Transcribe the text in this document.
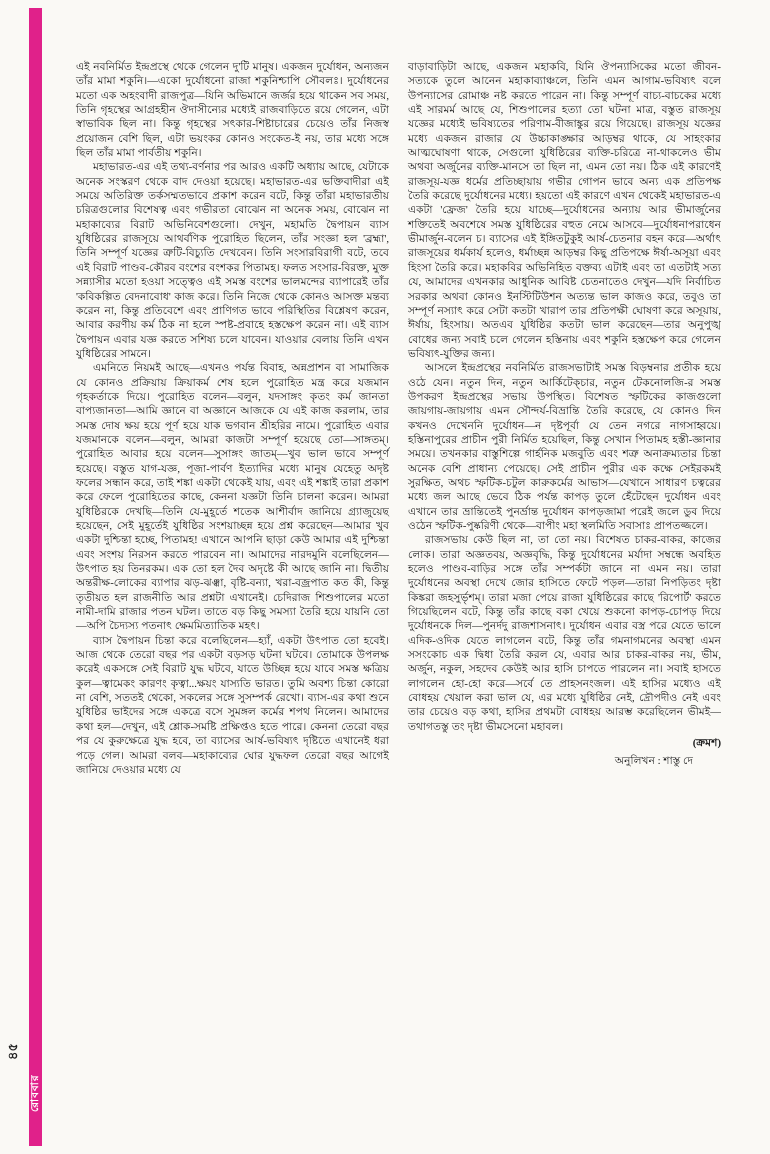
রোববার
৪৫

এই নবনির্মিত ইন্দ্রপ্রস্থে থেকে গেলেন দু'টি মানুষ। একজন দুর্যোধন, অন্যজন তাঁর মামা শকুনি।—একো দুর্যোধনো রাজা শকুনিশ্চাপি সৌবলঃ। দুর্যোধনের মতো এক অহংবাদী রাজপুত্র—যিনি অভিমানে জর্জর হয়ে থাকেন সব সময়, তিনি গৃহস্থের আগ্রহহীন ঔদাসীন্যের মধ্যেই রাজবাড়িতে রয়ে গেলেন, এটা স্বাভাবিক ছিল না। কিন্তু গৃহস্থের সৎকার-শিষ্টাচারের চেয়েও তাঁর নিজস্ব প্রয়োজন বেশি ছিল, এটা ভয়ংকর কোনও সংকেত-ই নয়, তার মধ্যে সঙ্গে ছিল তাঁর মামা পার্বতীয় শকুনি।

মহাভারত-এর এই তথ্য-বর্ণনার পর আরও একটি অধ্যায় আছে, যেটাকে অনেক সংস্করণ থেকে বাদ দেওয়া হয়েছে। মহাভারত-এর ভক্তিবাদীরা এই সময়ে অতিরিক্ত তর্কসম্মতভাবে প্রকাশ করেন বটে, কিন্তু তাঁরা মহাভারতীয় চরিত্রগুলোর বিশেষত্ব এবং গভীরতা বোঝেন না অনেক সময়, বোঝেন না মহাকাব্যের বিরাট অভিনিবেশগুলো। দেখুন, মহামতি দ্বৈপায়ন ব্যাস যুধিষ্ঠিরের রাজসূয়ে আথর্বণিক পুরোহিত ছিলেন, তাঁর সংজ্ঞা হল 'ব্রহ্মা', তিনি সম্পূর্ণ যজ্ঞের ত্রুটি-বিচ্যুতি দেখবেন। তিনি সংসারবিরাগী বটে, তবে এই বিরাট পাণ্ডব-কৌরব বংশের বংশকর পিতামহ। ফলত সংসার-বিরক্ত, মুক্ত সন্ন্যাসীর মতো হওয়া সত্ত্বেও এই সমস্ত বংশের ভালমন্দের ব্যাপারেই তাঁর 'কবিকল্পিত বেদনাবোধ' কাজ করে। তিনি নিজে থেকে কোনও আসক্ত মন্তব্য করেন না, কিন্তু প্রতিবেশে এবং প্রাণিগত ভাবে পরিস্থিতির বিশ্লেষণ করেন, আবার করণীয় কর্ম ঠিক না হলে স্পষ্ট-প্রবাহে হস্তক্ষেপ করেন না। এই ব্যাস দ্বৈপায়ন এবার যজ্ঞ করতে সশিষ্য চলে যাবেন। যাওয়ার বেলায় তিনি এখন যুধিষ্ঠিরের সামনে।

এমনিতে নিয়মই আছে—এখনও পর্যন্ত বিবাহ, অন্নপ্রাশন বা সামাজিক যে কোনও প্রক্রিয়ায় ক্রিয়াকর্ম শেষ হলে পুরোহিত মন্ত্র করে যজমান গৃহকর্তাকে দিয়ে। পুরোহিত বলেন—বলুন, যদসাঙ্গং কৃতং কর্ম জানতা বাপ্যজানতা—আমি জ্ঞানে বা অজ্ঞানে আজকে যে এই কাজ করলাম, তার সমস্ত দোষ ক্ষয় হয়ে পূর্ণ হয়ে যাক ভগবান শ্রীহরির নামে। পুরোহিত এবার যজমানকে বলেন—বলুন, আমরা কাজটা সম্পূর্ণ হয়েছে তো—সাঙ্গতম্‌। পুরোহিত আবার হয়ে বলেন—সুসাঙ্গং জাতম্‌—খুব ভাল ভাবে সম্পূর্ণ হয়েছে। বস্তুত যাগ-যজ্ঞ, পূজা-পার্বণ ইত্যাদির মধ্যে মানুষ যেহেতু অদৃষ্ট ফলের সন্ধান করে, তাই শঙ্কা একটা থেকেই যায়, এবং এই শঙ্কাই তারা প্রকাশ করে ফেলে পুরোহিতের কাছে, কেননা যজ্ঞটা তিনি চালনা করেন। আমরা যুধিষ্ঠিরকে দেখছি—তিনি যে-মুহূর্তে শতেক আশীর্বাদ জানিয়ে গ্র্যাজুয়েছ হয়েছেন, সেই মুহূর্তেই যুধিষ্ঠির সংশয়াচ্ছন্ন হয়ে প্রশ্ন করেছেন—আমার খুব একটা দুশ্চিন্তা হচ্ছে, পিতামহ! এখানে আপনি ছাড়া কেউ আমার এই দুশ্চিন্তা এবং সংশয় নিরসন করতে পারবেন না। আমাদের নারদমুনি বলেছিলেন—উৎপাত হয় তিনরকম। এক তো হল দৈব অদৃষ্টে কী আছে জানি না। দ্বিতীয় অন্তরীক্ষ-লোকের ব্যাপার ঝড়-ঝঞ্ঝা, বৃষ্টি-বন্যা, খরা-বজ্রপাত কত কী, কিন্তু তৃতীয়ত হল রাজনীতি আর প্রশ্নটা এখানেই। চেদিরাজ শিশুপালের মতো নামী-দামি রাজার পতন ঘটল। তাতে বড় কিছু সমস্যা তৈরি হয়ে যায়নি তো—অপি চৈদ্যস্য পতনাৎ ক্ষেমমিত্যাতিক মহৎ।

ব্যাস দ্বৈপায়ন চিন্তা করে বলেছিলেন—হ্যাঁ, একটা উৎপাত তো হবেই। আজ থেকে তেরো বছর পর একটা বড়সড় ঘটনা ঘটবে। তোমাকে উপলক্ষ করেই একসঙ্গে সেই বিরাট যুদ্ধ ঘটবে, যাতে উচ্ছিন্ন হয়ে যাবে সমস্ত ক্ষত্রিয় কুল—ত্বামেকং কারণং কৃত্বা...ক্ষয়ং যাস্যতি ভারত। তুমি অবশ্য চিন্তা কোরো না বেশি, সততই থেকো, সকলের সঙ্গে সুসম্পর্ক রেখো। ব্যাস-এর কথা শুনে যুধিষ্ঠির ভাইদের সঙ্গে একত্রে বসে সুমঙ্গল কর্মের শপথ নিলেন। আমাদের কথা হল—দেখুন, এই শ্লোক-সমষ্টি প্রক্ষিপ্তও হতে পারে। কেননা তেরো বছর পর যে কুরুক্ষেত্রে যুদ্ধ হবে, তা ব্যাসের আর্ষ-ভবিষ্যৎ দৃষ্টিতে এখানেই ধরা পড়ে গেল। আমরা বলব—মহাকাব্যের ঘোর যুদ্ধফল তেরো বছর আগেই জানিয়ে দেওয়ার মধ্যে যে

বাড়াবাড়িটা আছে, একজন মহাকবি, যিনি ঔপন্যাসিকের মতো জীবন-সত্যকে তুলে আনেন মহাকাব্যাঞ্চলে, তিনি এমন আগাম-ভবিষ্যৎ বলে উপন্যাসের রোমাঞ্চ নষ্ট করতে পারেন না। কিন্তু সম্পূর্ণ বাচ্য-বাচকের মধ্যে এই সারমর্ম আছে যে, শিশুপালের হত্যা তো ঘটনা মাত্র, বস্তুত রাজসূয় যজ্ঞের মধ্যেই ভবিষ্যতের পরিণাম-বীজাঙ্কুর রয়ে গিয়েছে। রাজসূয় যজ্ঞের মধ্যে একজন রাজার যে উচ্চাকাঙ্ক্ষার আড়ম্বর থাকে, যে সাহংকার আত্মঘোষণা থাকে, সেগুলো যুধিষ্ঠিরের ব্যক্তি-চরিত্রে না-থাকলেও ভীম অথবা অর্জুনের ব্যক্তি-মানসে তা ছিল না, এমন তো নয়। ঠিক এই কারণেই রাজসূয়-যজ্ঞ ধর্মের প্রতিচ্ছায়ায় গভীর গোপন ভাবে অন্য এক প্রতিপক্ষ তৈরি করেছে দুর্যোধনের মধ্যে। হয়তো এই কারণে এখন থেকেই মহাভারত-এ একটা 'ফ্রেজ' তৈরি হয়ে যাচ্ছে—দুর্যোধনের অন্যায় আর ভীমার্জুনের শক্তিতেই অবশেষে সমস্ত যুধিষ্ঠিরের বহুত নেমে আসবে—দুর্যোধনাপরাধেন ভীমার্জুন-বলেন চ। ব্যাসের এই ইঙ্গিতটুকুই আর্ষ-চেতনার বহন করে—অর্থাৎ রাজসূয়ের ধর্মকার্য হলেও, ধর্মাচ্ছন্ন আড়ম্বর কিছু প্রতিপক্ষে ঈর্ষা-অসূয়া এবং হিংসা তৈরি করে। মহাকবির অভিনিহিত বক্তব্য এটাই এবং তা এতটাই সত্য যে, আমাদের এখনকার আধুনিক আবিষ্ট চেতনাতেও দেখুন—যদি নির্বাচিত সরকার অথবা কোনও ইনস্টিটিউশন অত্যন্ত ভাল কাজও করে, তবুও তা সম্পূর্ণ নস্যাৎ করে সেটা কতটা খারাপ তার প্রতিপক্ষী ঘোষণা করে অসূয়ায়, ঈর্ষায়, হিংসায়। অতএব যুধিষ্ঠির কতটা ভাল করেছেন—তার অনুপুঙ্খ বোধের জন্য সবাই চলে গেলেন হস্তিনায় এবং শকুনি হস্তক্ষেপ করে গেলেন ভবিষ্যৎ-যুক্তির জন্য।

আসলে ইন্দ্রপ্রস্থের নবনির্মিত রাজসভাটাই সমস্ত বিড়ম্বনার প্রতীক হয়ে ওঠে যেন। নতুন দিন, নতুন আর্কিটেক্চার, নতুন টেকনোলজি-র সমস্ত উপকরণ ইন্দ্রপ্রস্থের সভায় উপস্থিত। বিশেষত স্ফটিকের কাজগুলো জায়গায়-জায়গায় এমন সৌন্দর্য-বিভ্রান্তি তৈরি করেছে, যে কোনও দিন কখনও দেখেননি দুর্যোধন—ন দৃষ্টপূর্বা যে তেন নগরে নাগসাহ্বয়ে। হস্তিনাপুরের প্রাচীন পুরী নির্মিত হয়েছিল, কিন্তু সেখান পিতামহ হস্তী-জ্ঞানার সময়ে। তখনকার বাস্তুশিল্পে গার্হনিক মজবুতি এবং শত্রু অনাক্রম্যতার চিন্তা অনেক বেশি প্রাধান্য পেয়েছে। সেই প্রাচীন পুরীর এক কক্ষে সেইরকমই সুরক্ষিত, অথচ স্ফটিক-চটুল কারুকর্মের আভাস—যেখানে সাধারণ চত্বরের মধ্যে জল আছে ভেবে ঠিক পর্যন্ত কাপড় তুলে হেঁটেছেন দুর্যোধন এবং এখানে তার ভ্রান্তিতেই পুনর্ভ্রান্ত দুর্যোধন কাপড়জামা পরেই জলে ডুব দিয়ে ওঠেন স্ফটিক-পুষ্করিণী থেকে—বাপীং মহা স্থলমিতি সবাসাঃ প্রাপতজ্জলে।

রাজসভায় কেউ ছিল না, তা তো নয়। বিশেষত চাকর-বাকর, কাজের লোক। তারা অজ্ঞতবয়, অজ্ঞবৃদ্ধি, কিন্তু দুর্যোধনের মর্যাদা সম্বন্ধে অবহিত হলেও পাণ্ডব-বাড়ির সঙ্গে তাঁর সম্পর্কটা জানে না এমন নয়। তারা দুর্যোধনের অবস্থা দেখে জোর হাসিতে ফেটে পড়ল—তারা নিপড়িতং দৃষ্টা কিঙ্করা জহসুর্ভৃশম্‌। তারা মজা পেয়ে রাজা যুধিষ্ঠিরের কাছে 'রিপোর্ট' করতে গিয়েছিলেন বটে, কিন্তু তাঁর কাছে বকা খেয়ে শুকনো কাপড়-চোপড় দিয়ে দুর্যোধনকে দিল—পুনর্দদু রাজশাসনাৎ। দুর্যোধন এবার বস্ত্র পরে যেতে ভালে এদিক-ওদিক যেতে লাগলেন বটে, কিন্তু তাঁর গমনাগমনের অবস্থা এমন সসংকোচ এক দ্বিধা তৈরি করল যে, এবার আর চাকর-বাকর নয়, ভীম, অর্জুন, নকুল, সহদেব কেউই আর হাসি চাপতে পারলেন না। সবাই হাসতে লাগলেন হো-হো করে—সর্বে তে প্রাহসনংজল। এই হাসির মধ্যেও এই বোধহয় খেয়াল করা ভাল যে, এর মধ্যে যুধিষ্ঠির নেই, দ্রৌপদীও নেই এবং তার চেয়েও বড় কথা, হাসির প্রথমটা বোধহয় আরম্ভ করেছিলেন ভীমই—তথাগতস্তু তং দৃষ্টা ভীমসেনো মহাবল।

(ক্রমশ)
অনুলিখন : শাস্তু দে
